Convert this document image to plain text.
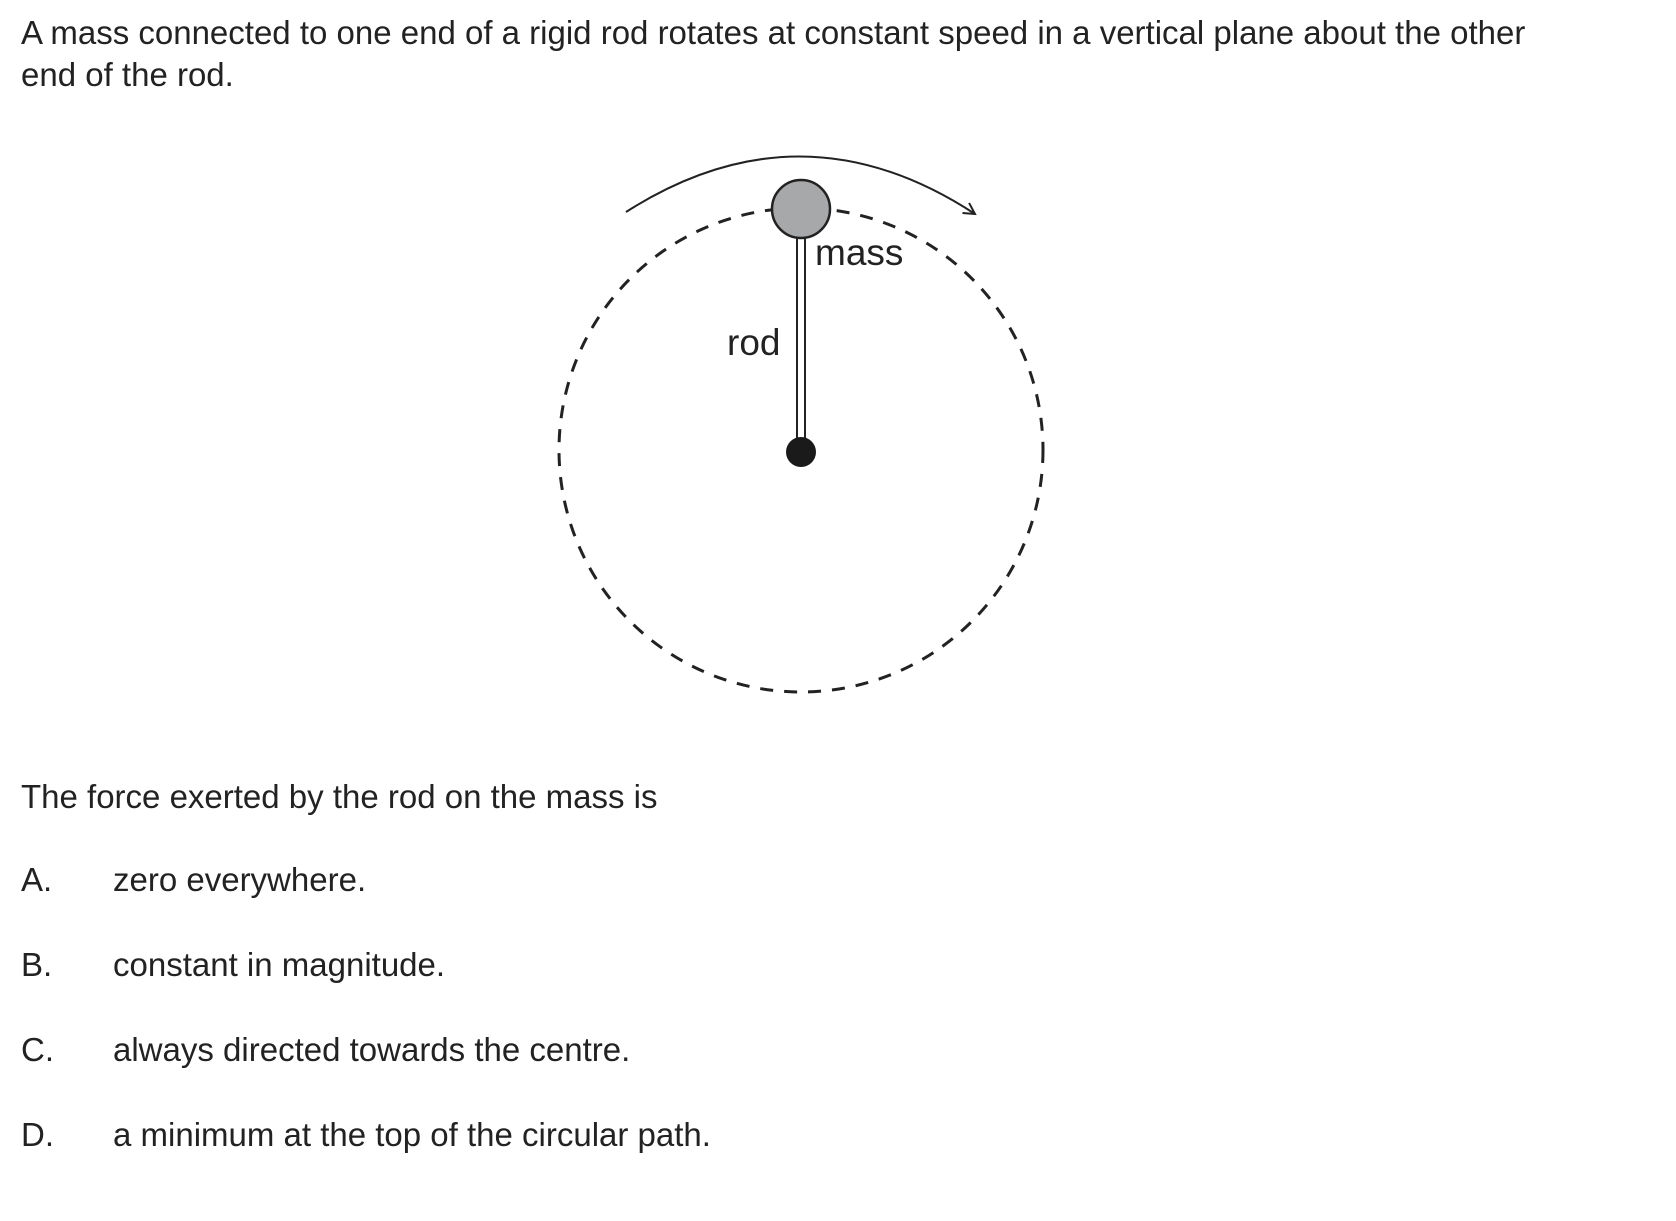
A mass connected to one end of a rigid rod rotates at constant speed in a vertical plane about the other end of the rod.

mass
rod

The force exerted by the rod on the mass is

A.	zero everywhere.
B.	constant in magnitude.
C.	always directed towards the centre.
D.	a minimum at the top of the circular path.
